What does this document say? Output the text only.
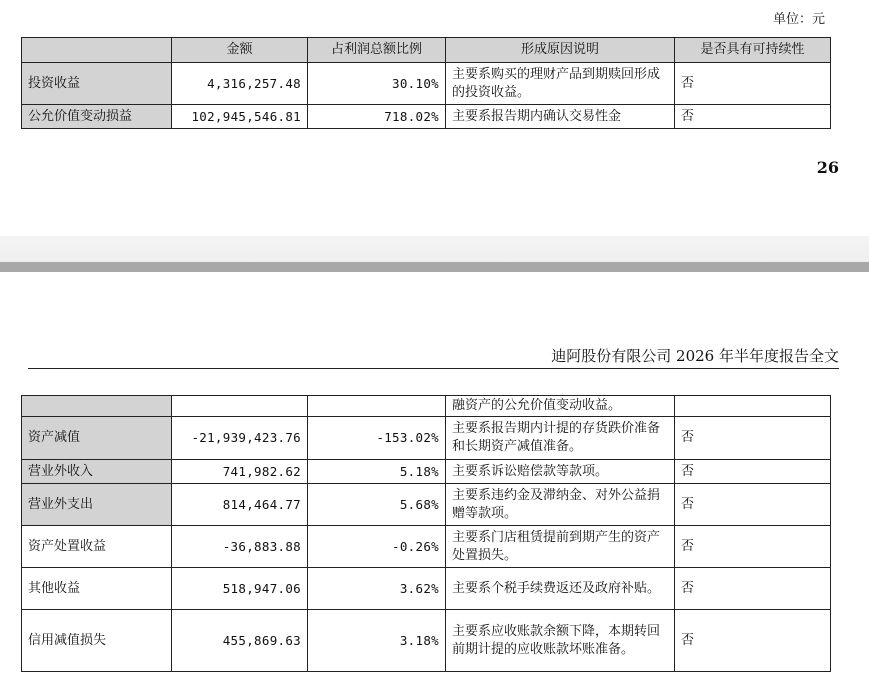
单位：元
	金额	占利润总额比例	形成原因说明	是否具有可持续性
投资收益	4,316,257.48	30.10%	主要系购买的理财产品到期赎回形成的投资收益。	否
公允价值变动损益	102,945,546.81	718.02%	主要系报告期内确认交易性金	否
26
迪阿股份有限公司 2026 年半年度报告全文
			融资产的公允价值变动收益。	
资产减值	-21,939,423.76	-153.02%	主要系报告期内计提的存货跌价准备和长期资产减值准备。	否
营业外收入	741,982.62	5.18%	主要系诉讼赔偿款等款项。	否
营业外支出	814,464.77	5.68%	主要系违约金及滞纳金、对外公益捐赠等款项。	否
资产处置收益	-36,883.88	-0.26%	主要系门店租赁提前到期产生的资产处置损失。	否
其他收益	518,947.06	3.62%	主要系个税手续费返还及政府补贴。	否
信用减值损失	455,869.63	3.18%	主要系应收账款余额下降，本期转回前期计提的应收账款坏账准备。	否
